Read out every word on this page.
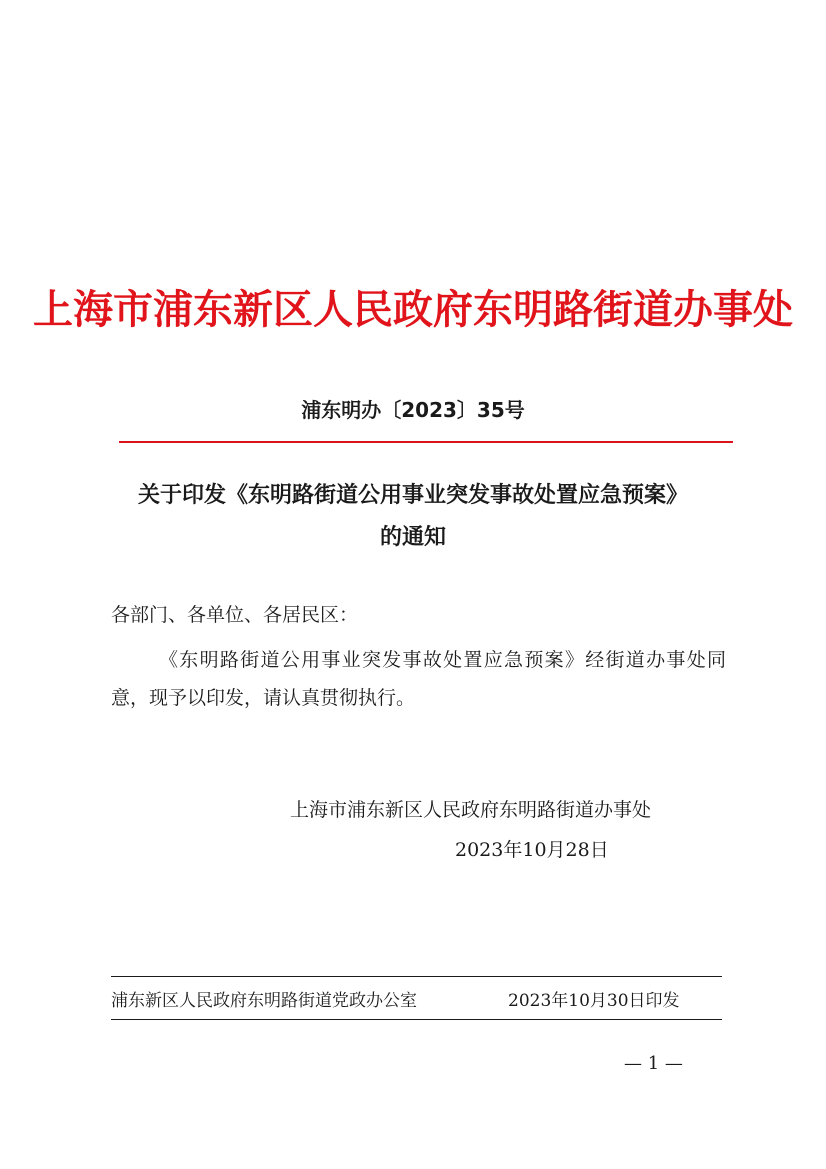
上海市浦东新区人民政府东明路街道办事处
浦东明办〔2023〕35号
关于印发《东明路街道公用事业突发事故处置应急预案》
的通知
各部门、各单位、各居民区：
《东明路街道公用事业突发事故处置应急预案》经街道办事处同意，现予以印发，请认真贯彻执行。
上海市浦东新区人民政府东明路街道办事处
2023年10月28日
浦东新区人民政府东明路街道党政办公室	2023年10月30日印发
— 1 —
